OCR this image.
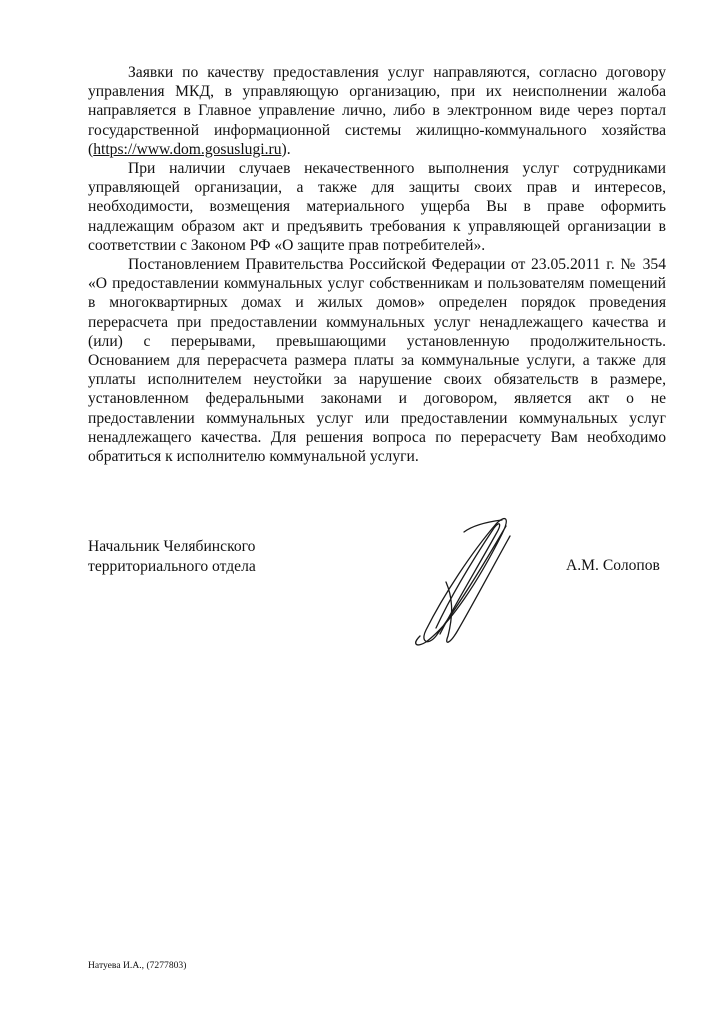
Заявки по качеству предоставления услуг направляются, согласно договору управления МКД, в управляющую организацию, при их неисполнении жалоба направляется в Главное управление лично, либо в электронном виде через портал государственной информационной системы жилищно-коммунального хозяйства (https://www.dom.gosuslugi.ru).

При наличии случаев некачественного выполнения услуг сотрудниками управляющей организации, а также для защиты своих прав и интересов, необходимости, возмещения материального ущерба Вы в праве оформить надлежащим образом акт и предъявить требования к управляющей организации в соответствии с Законом РФ «О защите прав потребителей».

Постановлением Правительства Российской Федерации от 23.05.2011 г. № 354 «О предоставлении коммунальных услуг собственникам и пользователям помещений в многоквартирных домах и жилых домов» определен порядок проведения перерасчета при предоставлении коммунальных услуг ненадлежащего качества и (или) с перерывами, превышающими установленную продолжительность. Основанием для перерасчета размера платы за коммунальные услуги, а также для уплаты исполнителем неустойки за нарушение своих обязательств в размере, установленном федеральными законами и договором, является акт о не предоставлении коммунальных услуг или предоставлении коммунальных услуг ненадлежащего качества. Для решения вопроса по перерасчету Вам необходимо обратиться к исполнителю коммунальной услуги.

Начальник Челябинского
территориального отдела	А.М. Солопов
Натуева И.А., (7277803)
